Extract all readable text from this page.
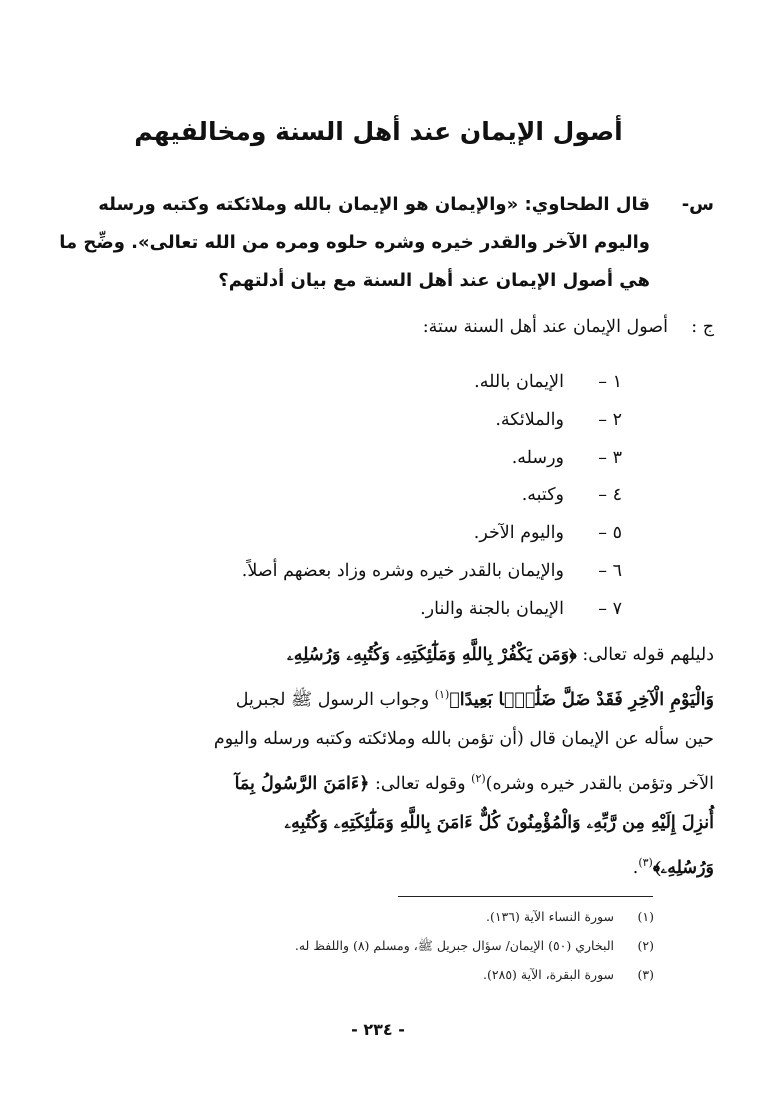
أصول الإيمان عند أهل السنة ومخالفيهم
س-
قال الطحاوي: «والإيمان هو الإيمان بالله وملائكته وكتبه ورسله
واليوم الآخر والقدر خيره وشره حلوه ومره من الله تعالى». وضِّح ما
هي أصول الإيمان عند أهل السنة مع بيان أدلتهم؟
ج :
أصول الإيمان عند أهل السنة ستة:
١ –الإيمان بالله.
٢ –والملائكة.
٣ –ورسله.
٤ –وكتبه.
٥ –واليوم الآخر.
٦ –والإيمان بالقدر خيره وشره وزاد بعضهم أصلاً.
٧ –الإيمان بالجنة والنار.
دليلهم قوله تعالى: ﴿وَمَن يَكْفُرْ بِاللَّهِ وَمَلَٰٓئِكَتِهِۦ وَكُتُبِهِۦ وَرُسُلِهِۦ
وَالْيَوْمِ الْآخِرِ فَقَدْ ضَلَّ ضَلَٰلًۢا بَعِيدًا﴾$^{(١)}$ وجواب الرسول ﷺ لجبريل
حين سأله عن الإيمان قال (أن تؤمن بالله وملائكته وكتبه ورسله واليوم
الآخر وتؤمن بالقدر خيره وشره)$^{(٢)}$ وقوله تعالى: ﴿ءَامَنَ الرَّسُولُ بِمَآ
أُنزِلَ إِلَيْهِ مِن رَّبِّهِۦ وَالْمُؤْمِنُونَ كُلٌّ ءَامَنَ بِاللَّهِ وَمَلَٰٓئِكَتِهِۦ وَكُتُبِهِۦ
وَرُسُلِهِۦ﴾$^{(٣)}$.
(١)سورة النساء الآية (١٣٦).
(٢)البخاري (٥٠) الإيمان/ سؤال جبريل ﷺ، ومسلم (٨) واللفظ له.
(٣)سورة البقرة، الآية (٢٨٥).
- ٢٣٤ -
